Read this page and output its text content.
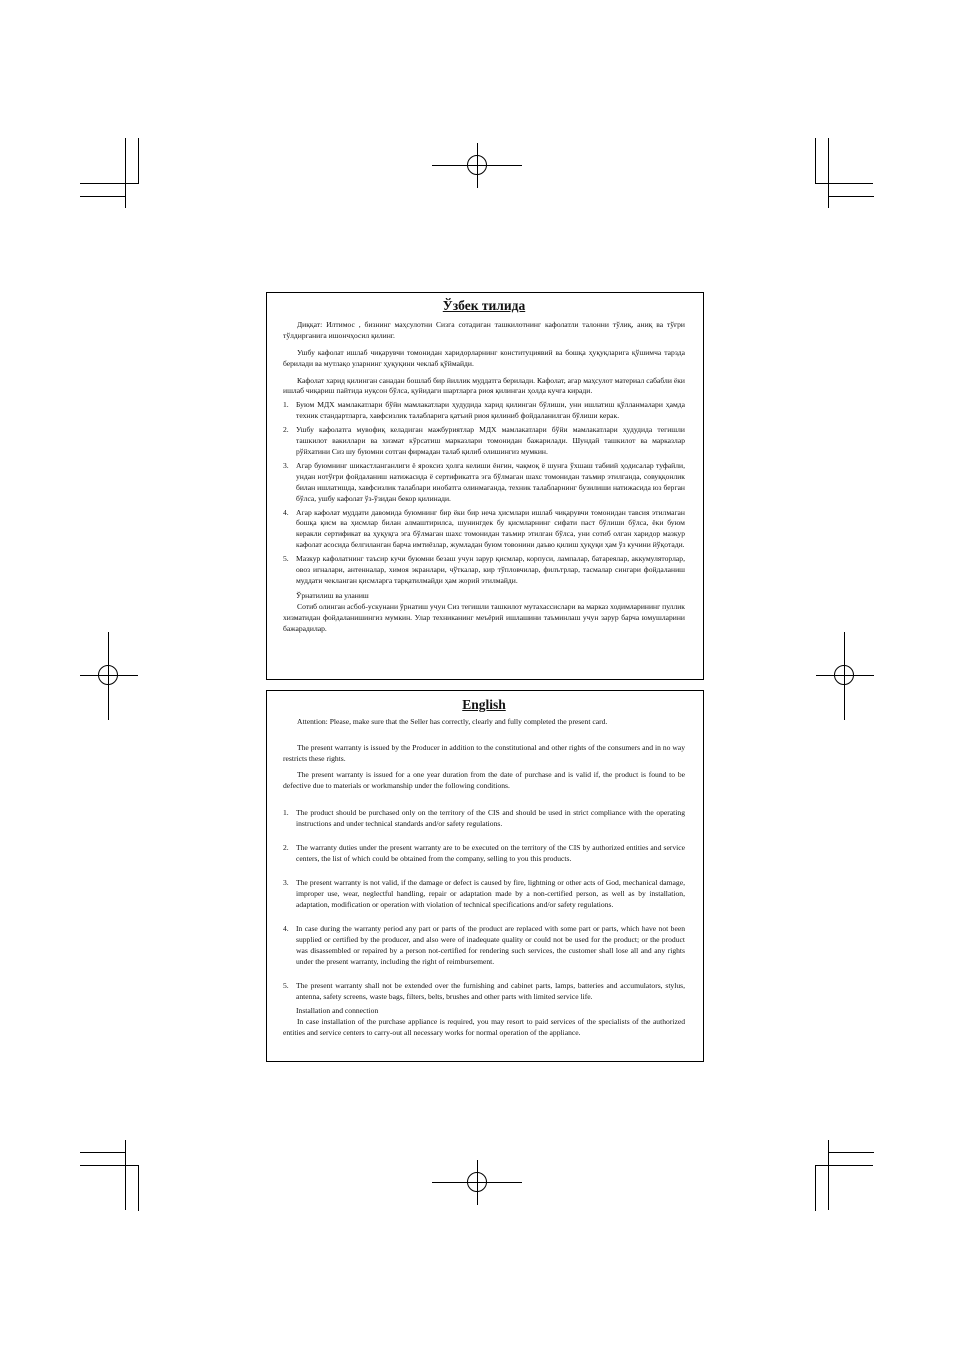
Ўзбек тилида

Диққат: Илтимос , бизнинг маҳсулотни Сизга сотадиган ташкилотнинг кафолатли талонни тўлиқ, аниқ ва тўғри тўлдирганига ишончҳосил қилинг.

Ушбу кафолат ишлаб чиқарувчи томонидан харидорларнинг конституциявий ва бошқа ҳуқуқларига қўшимча тарзда берилади ва мутлақо уларнинг ҳуқуқини чеклаб қўймайди.

Кафолат харид қилинган санадан бошлаб бир йиллик муддатга берилади. Кафолат, агар маҳсулот материал сабабли ёки ишлаб чиқариш пайтида нуқсон бўлса, қуйидаги шартларга риоя қилинган ҳолда кучга киради.

1. Буюм МДХ мамлакатлари бўйи мамлакатлари ҳудудида харид қилинган бўлиши, уни ишлатиш қўлланмалари ҳамда техник стандартларга, хавфсизлик талабларига қатъий риоя қилиниб фойдаланилган бўлиши керак.
2. Ушбу кафолатга мувофиқ келадиган мажбуриятлар МДХ мамлакатлари бўйи мамлакатлари ҳудудида тегишли ташкилот вакиллари ва хизмат кўрсатиш марказлари томонидан бажарилади. Шундай ташкилот ва марказлар рўйхатини Сиз шу буюмни сотган фирмадан талаб қилиб олишингиз мумкин.
3. Агар буюмнинг шикастланганлиги ё ярокcиз ҳолга келиши ёнғин, чақмоқ ё шунга ўхшаш табиий ҳодисалар туфайли, ундан нотўғри фойдаланиш натижасида ё сертификатга эга бўлмаган шахс томонидан таъмир этилганда, совуққонлик билан ишлатишда, хавфсизлик талаблари инобатга олинмаганда, техник талабларнинг бузилиши натижасида юз берган бўлса, ушбу кафолат ўз-ўзидан бекор қилинади.
4. Агар кафолат муддати давомида буюмнинг бир ёки бир неча ҳисмлари ишлаб чиқарувчи томонидан тавсия этилмаган бошқа қисм ва ҳисмлар билан алмаштирилса, шунингдек бу қисмларнинг сифати паст бўлиши бўлса, ёки буюм керакли сертификат ва ҳуқуқга эга бўлмаган шахс томонидан таъмир этилган бўлса, уни сотиб олган харидор мазкур кафолат асосида белгиланган барча имтиёзлар, жумладан буюм товонини даъво қилиш ҳуқуқи ҳам ўз кучини йўқотади.
5. Мазкур кафолатнинг таъсир кучи буюмни безаш учун зарур қисмлар, корпуси, лампалар, батареялар, аккумуляторлар, овоз игналари, антенналар, химоя экранлари, чўткалар, кир тўпловчилар, филътрлар, тасмалар сингари фойдаланиш муддати чекланган қисмларга тарқатилмайди ҳам жорий этилмайди.

Ўрнатилиш ва уланиш

Сотиб олинган асбоб-ускунани ўрнатиш учун Сиз тегишли ташкилот мутахассислари ва марказ ходимларининг пуллик хизматидан фойдаланишингиз мумкин. Улар техниканинг меъёрий ишлашини таъминлаш учун зарур барча юмушларини бажарадилар.

English

Attention: Please, make sure that the Seller has correctly, clearly and fully completed the present card.

The present warranty is issued by the Producer in addition to the constitutional and other rights of the consumers and in no way restricts these rights.

The present warranty is issued for a one year duration from the date of purchase and is valid if, the product is found to be defective due to materials or workmanship under the following conditions.

1. The product should be purchased only on the territory of the CIS and should be used in strict compliance with the operating instructions and under technical standards and/or safety regulations.
2. The warranty duties under the present warranty are to be executed on the territory of the CIS by authorized entities and service centers, the list of which could be obtained from the company, selling to you this products.
3. The present warranty is not valid, if the damage or defect is caused by fire, lightning or other acts of God, mechanical damage, improper use, wear, neglectful handling, repair or adaptation made by a non-certified person, as well as by installation, adaptation, modification or operation with violation of technical specifications and/or safety regulations.
4. In case during the warranty period any part or parts of the product are replaced with some part or parts, which have not been supplied or certified by the producer, and also were of inadequate quality or could not be used for the product; or the product was disassembled or repaired by a person not-certified for rendering such services, the customer shall lose all and any rights under the present warranty, including the right of reimbursement.
5. The present warranty shall not be extended over the furnishing and cabinet parts, lamps, batteries and accumulators, stylus, antenna, safety screens, waste bags, filters, belts, brushes and other parts with limited service life.

Installation and connection

In case installation of the purchase appliance is required, you may resort to paid services of the specialists of the authorized entities and service centers to carry-out all necessary works for normal operation of the appliance.
